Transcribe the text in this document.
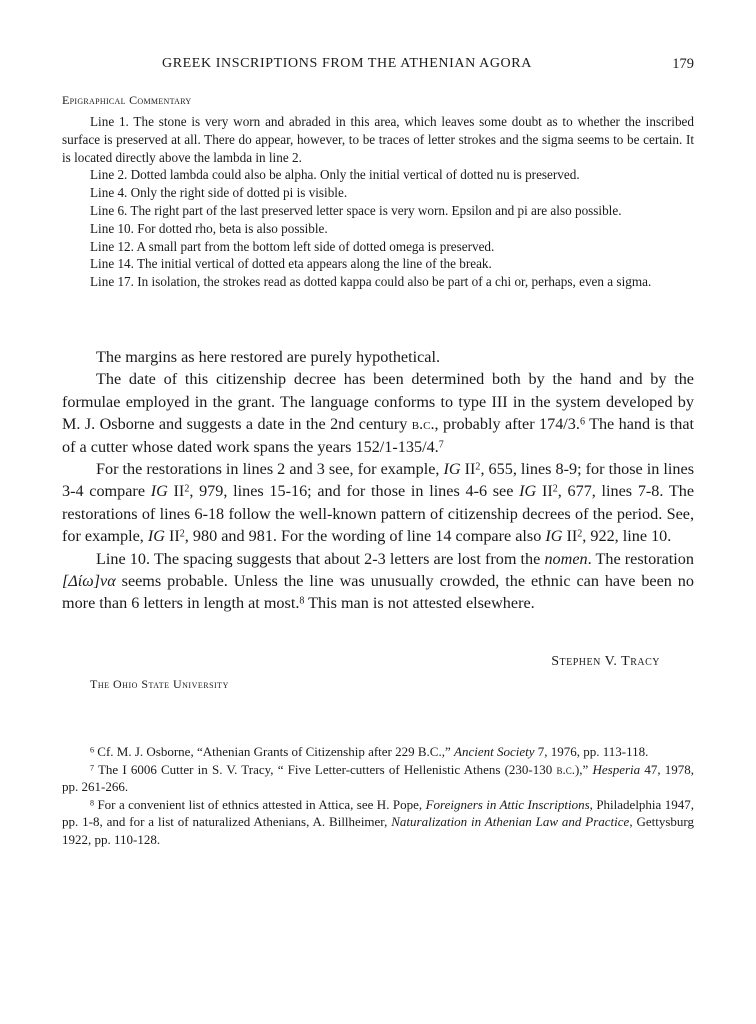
GREEK INSCRIPTIONS FROM THE ATHENIAN AGORA	179
Epigraphical Commentary

Line 1. The stone is very worn and abraded in this area, which leaves some doubt as to whether the inscribed surface is preserved at all. There do appear, however, to be traces of letter strokes and the sigma seems to be certain. It is located directly above the lambda in line 2.

Line 2. Dotted lambda could also be alpha. Only the initial vertical of dotted nu is preserved.

Line 4. Only the right side of dotted pi is visible.

Line 6. The right part of the last preserved letter space is very worn. Epsilon and pi are also possible.

Line 10. For dotted rho, beta is also possible.

Line 12. A small part from the bottom left side of dotted omega is preserved.

Line 14. The initial vertical of dotted eta appears along the line of the break.

Line 17. In isolation, the strokes read as dotted kappa could also be part of a chi or, perhaps, even a sigma.

The margins as here restored are purely hypothetical.

The date of this citizenship decree has been determined both by the hand and by the formulae employed in the grant. The language conforms to type III in the system developed by M. J. Osborne and suggests a date in the 2nd century b.c., probably after 174/3.$^6$ The hand is that of a cutter whose dated work spans the years 152/1-135/4.$^7$

For the restorations in lines 2 and 3 see, for example, IG $II^2$, 655, lines 8-9; for those in lines 3-4 compare IG $II^2$, 979, lines 15-16; and for those in lines 4-6 see IG $II^2$, 677, lines 7-8. The restorations of lines 6-18 follow the well-known pattern of citizenship decrees of the period. See, for example, IG $II^2$, 980 and 981. For the wording of line 14 compare also IG $II^2$, 922, line 10.

Line 10. The spacing suggests that about 2-3 letters are lost from the nomen. The restoration [Δίω]να seems probable. Unless the line was unusually crowded, the ethnic can have been no more than 6 letters in length at most.$^8$ This man is not attested elsewhere.

Stephen V. Tracy
The Ohio State University

$^6$ Cf. M. J. Osborne, “Athenian Grants of Citizenship after 229 B.C.,” Ancient Society 7, 1976, pp. 113-118.

$^7$ The I 6006 Cutter in S. V. Tracy, “ Five Letter-cutters of Hellenistic Athens (230-130 b.c.),” Hesperia 47, 1978, pp. 261-266.

$^8$ For a convenient list of ethnics attested in Attica, see H. Pope, Foreigners in Attic Inscriptions, Philadelphia 1947, pp. 1-8, and for a list of naturalized Athenians, A. Billheimer, Naturalization in Athenian Law and Practice, Gettysburg 1922, pp. 110-128.
